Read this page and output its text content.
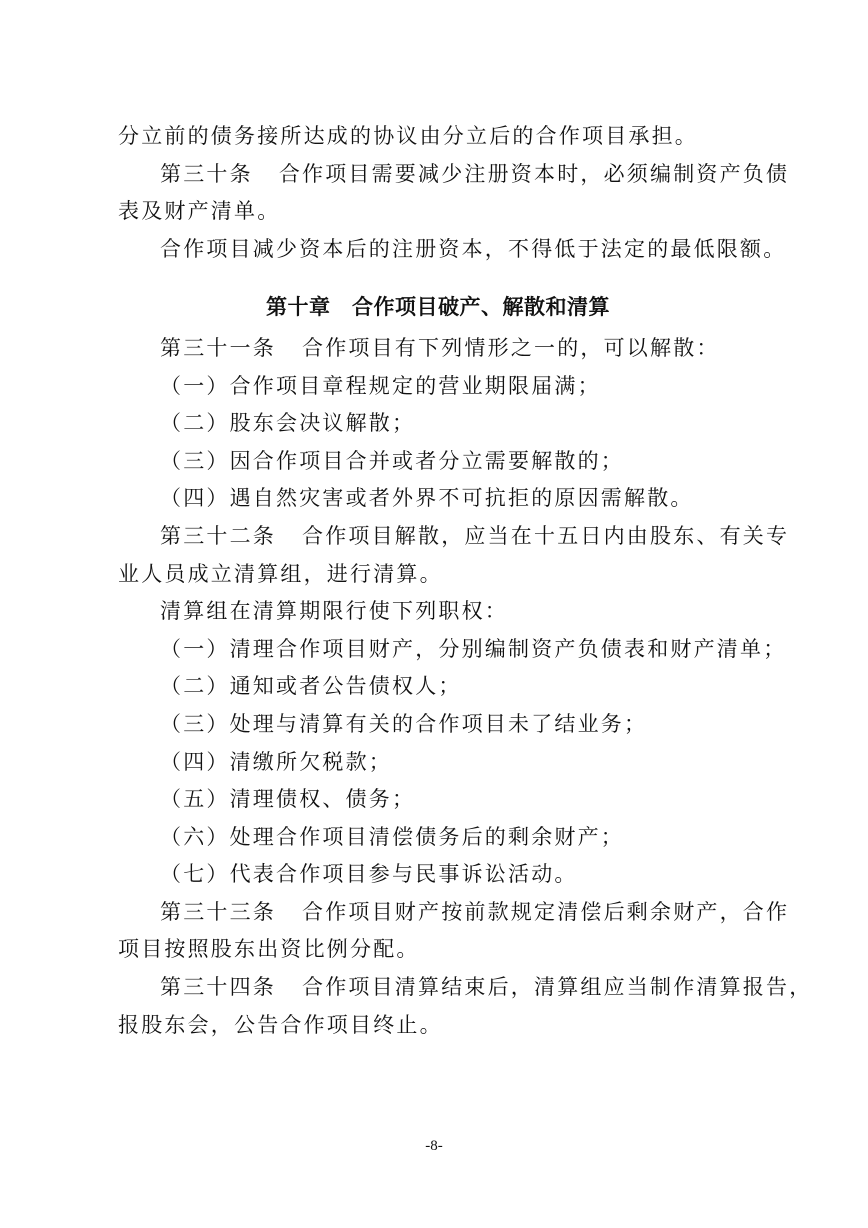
分立前的债务接所达成的协议由分立后的合作项目承担。
第三十条 合作项目需要减少注册资本时，必须编制资产负债
表及财产清单。
合作项目减少资本后的注册资本，不得低于法定的最低限额。
第十章　合作项目破产、解散和清算
第三十一条 合作项目有下列情形之一的，可以解散：
（一）合作项目章程规定的营业期限届满；
（二）股东会决议解散；
（三）因合作项目合并或者分立需要解散的；
（四）遇自然灾害或者外界不可抗拒的原因需解散。
第三十二条 合作项目解散，应当在十五日内由股东、有关专
业人员成立清算组，进行清算。
清算组在清算期限行使下列职权：
（一）清理合作项目财产，分别编制资产负债表和财产清单；
（二）通知或者公告债权人；
（三）处理与清算有关的合作项目未了结业务；
（四）清缴所欠税款；
（五）清理债权、债务；
（六）处理合作项目清偿债务后的剩余财产；
（七）代表合作项目参与民事诉讼活动。
第三十三条 合作项目财产按前款规定清偿后剩余财产，合作
项目按照股东出资比例分配。
第三十四条 合作项目清算结束后，清算组应当制作清算报告，
报股东会，公告合作项目终止。
-8-
